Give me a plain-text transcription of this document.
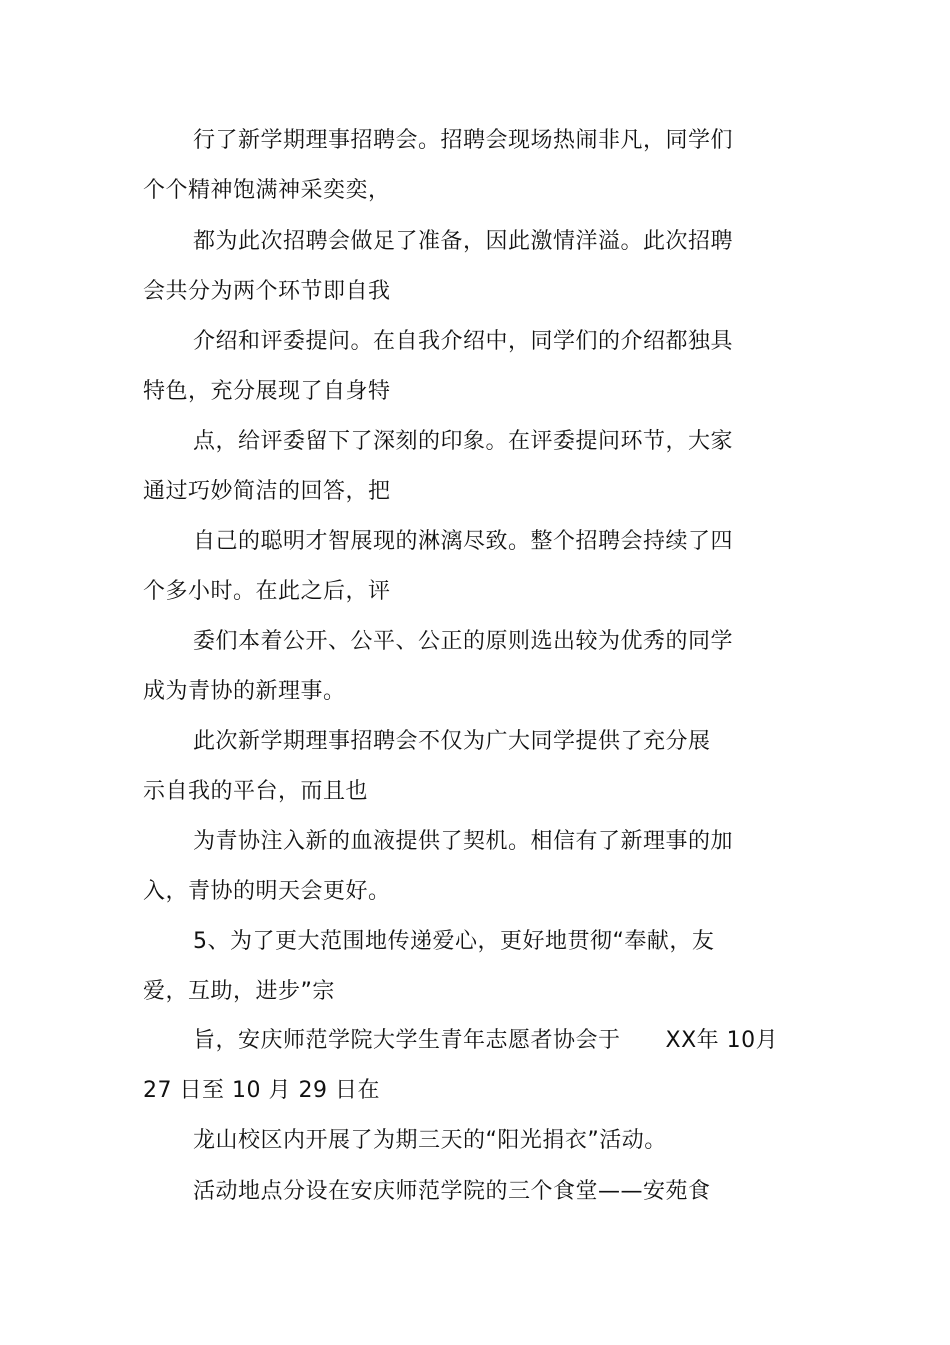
行了新学期理事招聘会。招聘会现场热闹非凡，同学们
个个精神饱满神采奕奕，
都为此次招聘会做足了准备，因此激情洋溢。此次招聘
会共分为两个环节即自我
介绍和评委提问。在自我介绍中，同学们的介绍都独具
特色，充分展现了自身特
点，给评委留下了深刻的印象。在评委提问环节，大家
通过巧妙简洁的回答，把
自己的聪明才智展现的淋漓尽致。整个招聘会持续了四
个多小时。在此之后，评
委们本着公开、公平、公正的原则选出较为优秀的同学
成为青协的新理事。
此次新学期理事招聘会不仅为广大同学提供了充分展
示自我的平台，而且也
为青协注入新的血液提供了契机。相信有了新理事的加
入，青协的明天会更好。
5、为了更大范围地传递爱心，更好地贯彻“奉献，友
爱，互助，进步”宗
旨，安庆师范学院大学生青年志愿者协会于　　XX年 10月
27 日至 10 月 29 日在
龙山校区内开展了为期三天的“阳光捐衣”活动。
活动地点分设在安庆师范学院的三个食堂——安苑食
